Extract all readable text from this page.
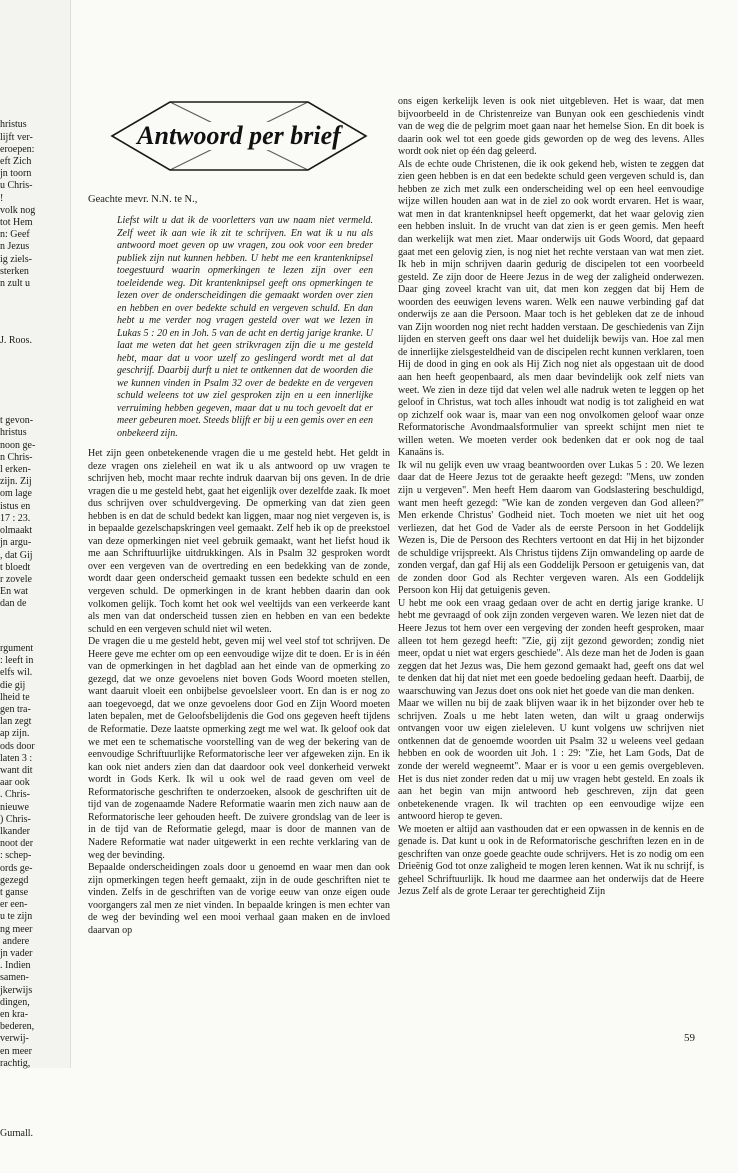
hristus
lijft ver-
eroepen:
eft Zich
jn toorn
u Chris-
!
volk nog
tot Hem
n: Geef
n Jezus
ig ziels-
sterken
n zult u

J. Roos.

t gevon-
hristus
noon ge-
n Chris-
l erken-
zijn. Zij
om lage
istus en
17 : 23.
olmaakt
jn argu-
, dat Gij
t bloedt
r zovele
En wat
dan de

rgument
: leeft in
elfs wil.
die gij
lheid te
gen tra-
lan zegt
ap zijn.
ods door
laten 3 :
want dit
aar ook
. Chris-
nieuwe
) Chris-
lkander
noot der
: schep-
ords ge-
gezegd
t ganse
er een-
u te zijn
ng meer
andere
jn vader
. Indien
samen-
jkerwijs
dingen,
en kra-
bederen,
verwij-
en meer
rachtig,

Gurnall.

Antwoord per brief
Geachte mevr. N.N. te N.,
Liefst wilt u dat ik de voorletters van uw naam niet vermeld. Zelf weet ik aan wie ik zit te schrijven. En wat ik u nu als antwoord moet geven op uw vragen, zou ook voor een breder publiek zijn nut kunnen hebben. U hebt me een krantenknipsel toegestuurd waarin opmerkingen te lezen zijn over een toeleidende weg. Dit krantenknipsel geeft ons opmerkingen te lezen over de onderscheidingen die gemaakt worden over zien en hebben en over bedekte schuld en vergeven schuld. En dan hebt u me verder nog vragen gesteld over wat we lezen in Lukas 5 : 20 en in Joh. 5 van de acht en dertig jarige kranke. U laat me weten dat het geen strikvragen zijn die u me gesteld hebt, maar dat u voor uzelf zo geslingerd wordt met al dat geschrijf. Daarbij durft u niet te ontkennen dat de woorden die we kunnen vinden in Psalm 32 over de bedekte en de vergeven schuld weleens tot uw ziel gesproken zijn en u een innerlijke verruiming hebben gegeven, maar dat u nu toch gevoelt dat er meer gebeuren moet. Steeds blijft er bij u een gemis over en een onbekeerd zijn.

Het zijn geen onbetekenende vragen die u me gesteld hebt. Het geldt in deze vragen ons zieleheil en wat ik u als antwoord op uw vragen te schrijven heb, mocht maar rechte indruk daarvan bij ons geven. In de drie vragen die u me gesteld hebt, gaat het eigenlijk over dezelfde zaak. Ik moet dus schrijven over schuldvergeving. De opmerking van dat zien geen hebben is en dat de schuld bedekt kan liggen, maar nog niet vergeven is, is in bepaalde gezelschapskringen veel gemaakt. Zelf heb ik op de preekstoel van deze opmerkingen niet veel gebruik gemaakt, want het liefst houd ik me aan Schriftuurlijke uitdrukkingen. Als in Psalm 32 gesproken wordt over een vergeven van de overtreding en een bedekking van de zonde, wordt daar geen onderscheid gemaakt tussen een bedekte schuld en een vergeven schuld. De opmerkingen in de krant hebben daarin dan ook volkomen gelijk. Toch komt het ook wel veeltijds van een verkeerde kant als men van dat onderscheid tussen zien en hebben en van een bedekte schuld en een vergeven schuld niet wil weten.

De vragen die u me gesteld hebt, geven mij wel veel stof tot schrijven. De Heere geve me echter om op een eenvoudige wijze dit te doen. Er is in één van de opmerkingen in het dagblad aan het einde van de opmerking zo gezegd, dat we onze gevoelens niet boven Gods Woord moeten stellen, want daaruit vloeit een onbijbelse gevoelsleer voort. En dan is er nog zo aan toegevoegd, dat we onze gevoelens door God en Zijn Woord moeten laten bepalen, met de Geloofsbelijdenis die God ons gegeven heeft tijdens de Reformatie. Deze laatste opmerking zegt me wel wat. Ik geloof ook dat we met een te schematische voorstelling van de weg der bekering van de eenvoudige Schriftuurlijke Reformatorische leer ver afgeweken zijn. En ik kan ook niet anders zien dan dat daardoor ook veel donkerheid verwekt wordt in Gods Kerk. Ik wil u ook wel de raad geven om veel de Reformatorische geschriften te onderzoeken, alsook de geschriften uit de tijd van de zogenaamde Nadere Reformatie waarin men zich nauw aan de Reformatorische leer gehouden heeft. De zuivere grondslag van de leer is in de tijd van de Reformatie gelegd, maar is door de mannen van de Nadere Reformatie wat nader uitgewerkt in een rechte verklaring van de weg der bevinding.

Bepaalde onderscheidingen zoals door u genoemd en waar men dan ook zijn opmerkingen tegen heeft gemaakt, zijn in de oude geschriften niet te vinden. Zelfs in de geschriften van de vorige eeuw van onze eigen oude voorgangers zal men ze niet vinden. In bepaalde kringen is men echter van de weg der bevinding wel een mooi verhaal gaan maken en de invloed daarvan op

ons eigen kerkelijk leven is ook niet uitgebleven. Het is waar, dat men bijvoorbeeld in de Christenreize van Bunyan ook een geschiedenis vindt van de weg die de pelgrim moet gaan naar het hemelse Sion. En dit boek is daarin ook wel tot een goede gids geworden op de weg des levens. Alles wordt ook niet op één dag geleerd.

Als de echte oude Christenen, die ik ook gekend heb, wisten te zeggen dat zien geen hebben is en dat een bedekte schuld geen vergeven schuld is, dan hebben ze zich met zulk een onderscheiding wel op een heel eenvoudige wijze willen houden aan wat in de ziel zo ook wordt ervaren. Het is waar, wat men in dat krantenknipsel heeft opgemerkt, dat het waar gelovig zien een hebben insluit. In de vrucht van dat zien is er geen gemis. Men heeft dan werkelijk wat men ziet. Maar onderwijs uit Gods Woord, dat gepaard gaat met een gelovig zien, is nog niet het rechte verstaan van wat men ziet. Ik heb in mijn schrijven daarin gedurig de discipelen tot een voorbeeld gesteld. Ze zijn door de Heere Jezus in de weg der zaligheid onderwezen. Daar ging zoveel kracht van uit, dat men kon zeggen dat bij Hem de woorden des eeuwigen levens waren. Welk een nauwe verbinding gaf dat onderwijs ze aan die Persoon. Maar toch is het gebleken dat ze de inhoud van Zijn woorden nog niet recht hadden verstaan. De geschiedenis van Zijn lijden en sterven geeft ons daar wel het duidelijk bewijs van. Hoe zal men de innerlijke zielsgesteldheid van de discipelen recht kunnen verklaren, toen Hij de dood in ging en ook als Hij Zich nog niet als opgestaan uit de dood aan hen heeft geopenbaard, als men daar bevindelijk ook zelf niets van weet. We zien in deze tijd dat velen wel alle nadruk weten te leggen op het geloof in Christus, wat toch alles inhoudt wat nodig is tot zaligheid en wat op zichzelf ook waar is, maar van een nog onvolkomen geloof waar onze Reformatorische Avondmaalsformulier van spreekt schijnt men niet te willen weten. We moeten verder ook bedenken dat er ook nog de taal Kanaäns is.

Ik wil nu gelijk even uw vraag beantwoorden over Lukas 5 : 20. We lezen daar dat de Heere Jezus tot de geraakte heeft gezegd: "Mens, uw zonden zijn u vergeven". Men heeft Hem daarom van Godslastering beschuldigd, want men heeft gezegd: "Wie kan de zonden vergeven dan God alleen?" Men erkende Christus' Godheid niet. Toch moeten we niet uit het oog verliezen, dat het God de Vader als de eerste Persoon in het Goddelijk Wezen is, Die de Persoon des Rechters vertoont en dat Hij in het bijzonder de schuldige vrijspreekt. Als Christus tijdens Zijn omwandeling op aarde de zonden vergaf, dan gaf Hij als een Goddelijk Persoon er getuigenis van, dat de zonden door God als Rechter vergeven waren. Als een Goddelijk Persoon kon Hij dat getuigenis geven.

U hebt me ook een vraag gedaan over de acht en dertig jarige kranke. U hebt me gevraagd of ook zijn zonden vergeven waren. We lezen niet dat de Heere Jezus tot hem over een vergeving der zonden heeft gesproken, maar alleen tot hem gezegd heeft: "Zie, gij zijt gezond geworden; zondig niet meer, opdat u niet wat ergers geschiede". Als deze man het de Joden is gaan zeggen dat het Jezus was, Die hem gezond gemaakt had, geeft ons dat wel te denken dat hij dat niet met een goede bedoeling gedaan heeft. Daarbij, de waarschuwing van Jezus doet ons ook niet het goede van die man denken.

Maar we willen nu bij de zaak blijven waar ik in het bijzonder over heb te schrijven. Zoals u me hebt laten weten, dan wilt u graag onderwijs ontvangen voor uw eigen zieleleven. U kunt volgens uw schrijven niet ontkennen dat de genoemde woorden uit Psalm 32 u weleens veel gedaan hebben en ook de woorden uit Joh. 1 : 29: "Zie, het Lam Gods, Dat de zonde der wereld wegneemt". Maar er is voor u een gemis overgebleven. Het is dus niet zonder reden dat u mij uw vragen hebt gesteld. En zoals ik aan het begin van mijn antwoord heb geschreven, zijn dat geen onbetekenende vragen. Ik wil trachten op een eenvoudige wijze een antwoord hierop te geven.

We moeten er altijd aan vasthouden dat er een opwassen in de kennis en de genade is. Dat kunt u ook in de Reformatorische geschriften lezen en in de geschriften van onze goede geachte oude schrijvers. Het is zo nodig om een Drieënig God tot onze zaligheid te mogen leren kennen. Wat ik nu schrijf, is geheel Schriftuurlijk. Ik houd me daarmee aan het onderwijs dat de Heere Jezus Zelf als de grote Leraar ter gerechtigheid Zijn

59
